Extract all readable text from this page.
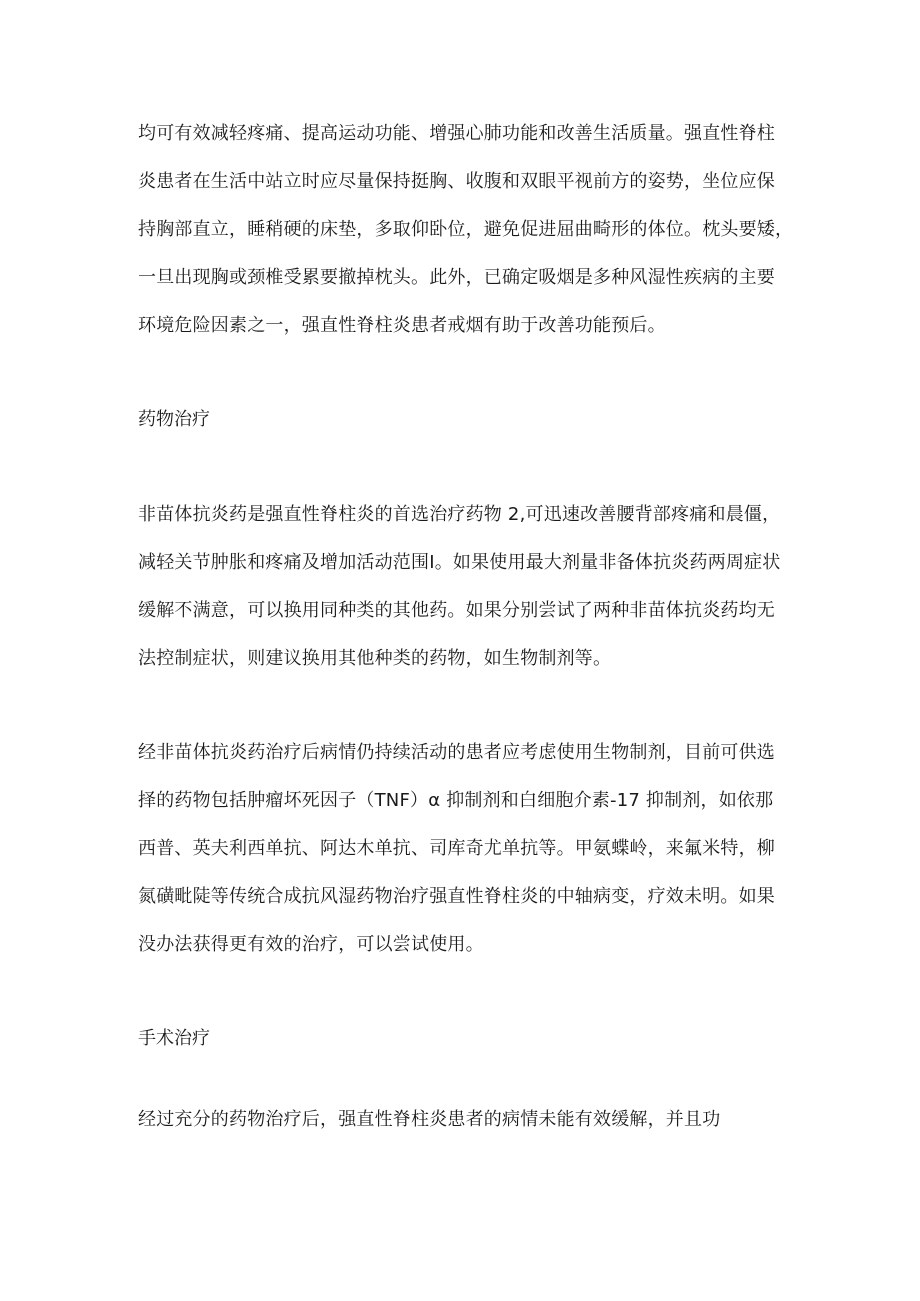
均可有效减轻疼痛、提高运动功能、增强心肺功能和改善生活质量。强直性脊柱
炎患者在生活中站立时应尽量保持挺胸、收腹和双眼平视前方的姿势，坐位应保
持胸部直立，睡稍硬的床垫，多取仰卧位，避免促进屈曲畸形的体位。枕头要矮，
一旦出现胸或颈椎受累要撤掉枕头。此外，已确定吸烟是多种风湿性疾病的主要
环境危险因素之一，强直性脊柱炎患者戒烟有助于改善功能预后。
药物治疗
非苗体抗炎药是强直性脊柱炎的首选治疗药物 2,可迅速改善腰背部疼痛和晨僵，
减轻关节肿胀和疼痛及增加活动范围I。如果使用最大剂量非备体抗炎药两周症状
缓解不满意，可以换用同种类的其他药。如果分别尝试了两种非苗体抗炎药均无
法控制症状，则建议换用其他种类的药物，如生物制剂等。
经非苗体抗炎药治疗后病情仍持续活动的患者应考虑使用生物制剂，目前可供选
择的药物包括肿瘤坏死因子（TNF）α 抑制剂和白细胞介素-17 抑制剂，如依那
西普、英夫利西单抗、阿达木单抗、司库奇尤单抗等。甲氨蝶岭，来氟米特，柳
氮磺毗陡等传统合成抗风湿药物治疗强直性脊柱炎的中轴病变，疗效未明。如果
没办法获得更有效的治疗，可以尝试使用。
手术治疗
经过充分的药物治疗后，强直性脊柱炎患者的病情未能有效缓解，并且功
